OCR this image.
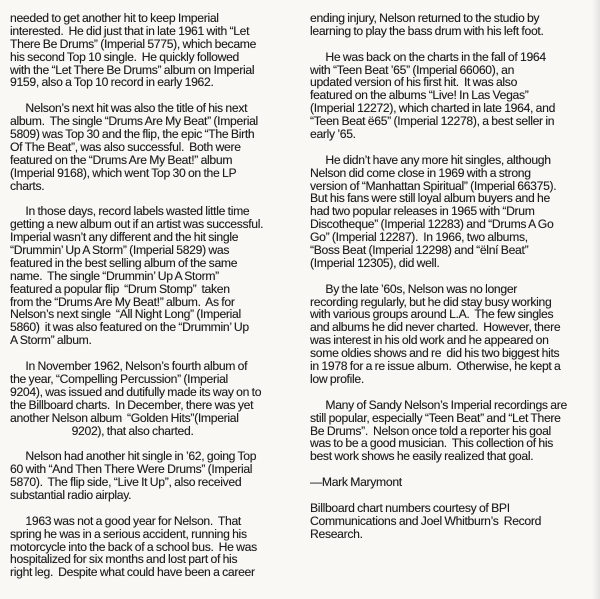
needed to get another hit to keep Imperial
interested.  He did just that in late 1961 with “Let
There Be Drums” (Imperial 5775), which became
his second Top 10 single.  He quickly followed
with the “Let There Be Drums” album on Imperial
9159, also a Top 10 record in early 1962.
Nelson’s next hit was also the title of his next
album.  The single “Drums Are My Beat” (Imperial
5809) was Top 30 and the flip, the epic “The Birth
Of The Beat”, was also successful.  Both were
featured on the “Drums Are My Beat!” album
(Imperial 9168), which went Top 30 on the LP
charts.
In those days, record labels wasted little time
getting a new album out if an artist was successful.
Imperial wasn’t any different and the hit single
“Drummin’ Up A Storm” (Imperial 5829) was
featured in the best selling album of the same
name.  The single “Drummin’ Up A Storm”
featured a popular flip  “Drum Stomp”  taken
from the “Drums Are My Beat!” album.  As for
Nelson’s next single  “All Night Long” (Imperial
5860)  it was also featured on the “Drummin’ Up
A Storm” album.
In November 1962, Nelson’s fourth album of
the year, “Compelling Percussion” (Imperial
9204), was issued and dutifully made its way on to
the Billboard charts.  In December, there was yet
another Nelson album  “Golden Hits”(Imperial
9202), that also charted.
Nelson had another hit single in ’62, going Top
60 with “And Then There Were Drums” (Imperial
5870).  The flip side, “Live It Up”, also received
substantial radio airplay.
1963 was not a good year for Nelson.  That
spring he was in a serious accident, running his
motorcycle into the back of a school bus.  He was
hospitalized for six months and lost part of his
right leg.  Despite what could have been a career
ending injury, Nelson returned to the studio by
learning to play the bass drum with his left foot.
He was back on the charts in the fall of 1964
with “Teen Beat ’65” (Imperial 66060), an
updated version of his first hit.  It was also
featured on the albums “Live! In Las Vegas”
(Imperial 12272), which charted in late 1964, and
“Teen Beat ë65” (Imperial 12278), a best seller in
early ’65.
He didn’t have any more hit singles, although
Nelson did come close in 1969 with a strong
version of “Manhattan Spiritual” (Imperial 66375).
But his fans were still loyal album buyers and he
had two popular releases in 1965 with “Drum
Discotheque” (Imperial 12283) and “Drums A Go
Go” (Imperial 12287).  In 1966, two albums,
“Boss Beat (Imperial 12298) and “ëlní Beat”
(Imperial 12305), did well.
By the late ’60s, Nelson was no longer
recording regularly, but he did stay busy working
with various groups around L.A.  The few singles
and albums he did never charted.  However, there
was interest in his old work and he appeared on
some oldies shows and re  did his two biggest hits
in 1978 for a re issue album.  Otherwise, he kept a
low profile.
Many of Sandy Nelson’s Imperial recordings are
still popular, especially “Teen Beat” and “Let There
Be Drums”.  Nelson once told a reporter his goal
was to be a good musician.  This collection of his
best work shows he easily realized that goal.
—Mark Marymont
Billboard chart numbers courtesy of BPI
Communications and Joel Whitburn’s  Record
Research.
